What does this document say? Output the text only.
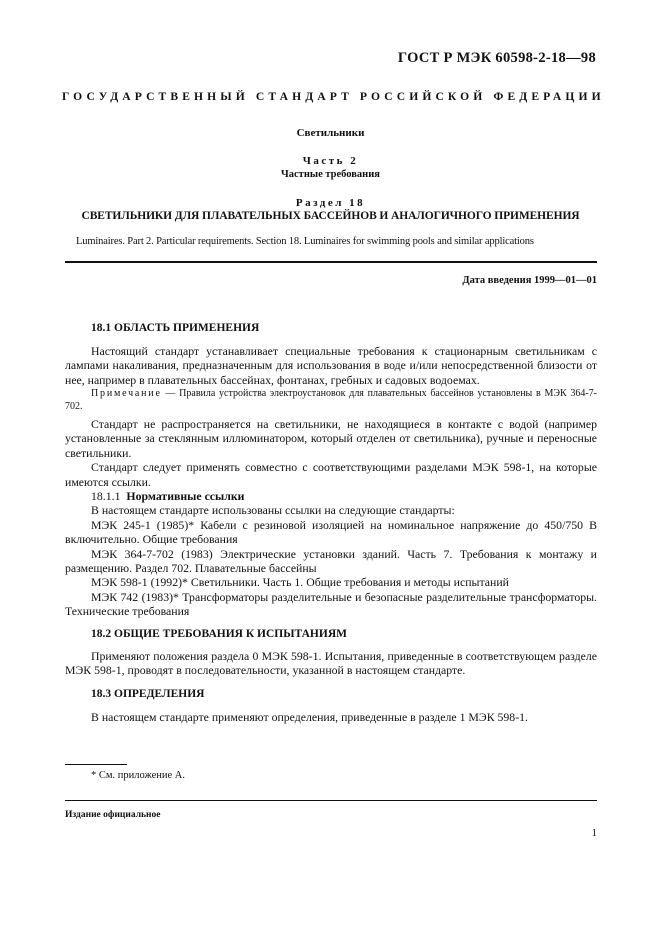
ГОСТ Р МЭК 60598-2-18—98
ГОСУДАРСТВЕННЫЙ СТАНДАРТ РОССИЙСКОЙ ФЕДЕРАЦИИ
Светильники
Часть 2
Частные требования
Раздел 18
СВЕТИЛЬНИКИ ДЛЯ ПЛАВАТЕЛЬНЫХ БАССЕЙНОВ И АНАЛОГИЧНОГО ПРИМЕНЕНИЯ
Luminaires. Part 2. Particular requirements. Section 18. Luminaires for swimming pools and similar applications
Дата введения 1999—01—01
18.1 ОБЛАСТЬ ПРИМЕНЕНИЯ

Настоящий стандарт устанавливает специальные требования к стационарным светильникам с лампами накаливания, предназначенным для использования в воде и/или непосредственной близости от нее, например в плавательных бассейнах, фонтанах, гребных и садовых водоемах.

Примечание — Правила устройства электроустановок для плавательных бассейнов установлены в МЭК 364-7-702.

Стандарт не распространяется на светильники, не находящиеся в контакте с водой (например установленные за стеклянным иллюминатором, который отделен от светильника), ручные и переносные светильники.

Стандарт следует применять совместно с соответствующими разделами МЭК 598-1, на которые имеются ссылки.

18.1.1 Нормативные ссылки

В настоящем стандарте использованы ссылки на следующие стандарты:

МЭК 245-1 (1985)* Кабели с резиновой изоляцией на номинальное напряжение до 450/750 В включительно. Общие требования

МЭК 364-7-702 (1983) Электрические установки зданий. Часть 7. Требования к монтажу и размещению. Раздел 702. Плавательные бассейны

МЭК 598-1 (1992)* Светильники. Часть 1. Общие требования и методы испытаний

МЭК 742 (1983)* Трансформаторы разделительные и безопасные разделительные трансформаторы. Технические требования

18.2 ОБЩИЕ ТРЕБОВАНИЯ К ИСПЫТАНИЯМ

Применяют положения раздела 0 МЭК 598-1. Испытания, приведенные в соответствующем разделе МЭК 598-1, проводят в последовательности, указанной в настоящем стандарте.

18.3 ОПРЕДЕЛЕНИЯ

В настоящем стандарте применяют определения, приведенные в разделе 1 МЭК 598-1.

* См. приложение А.
Издание официальное
1
